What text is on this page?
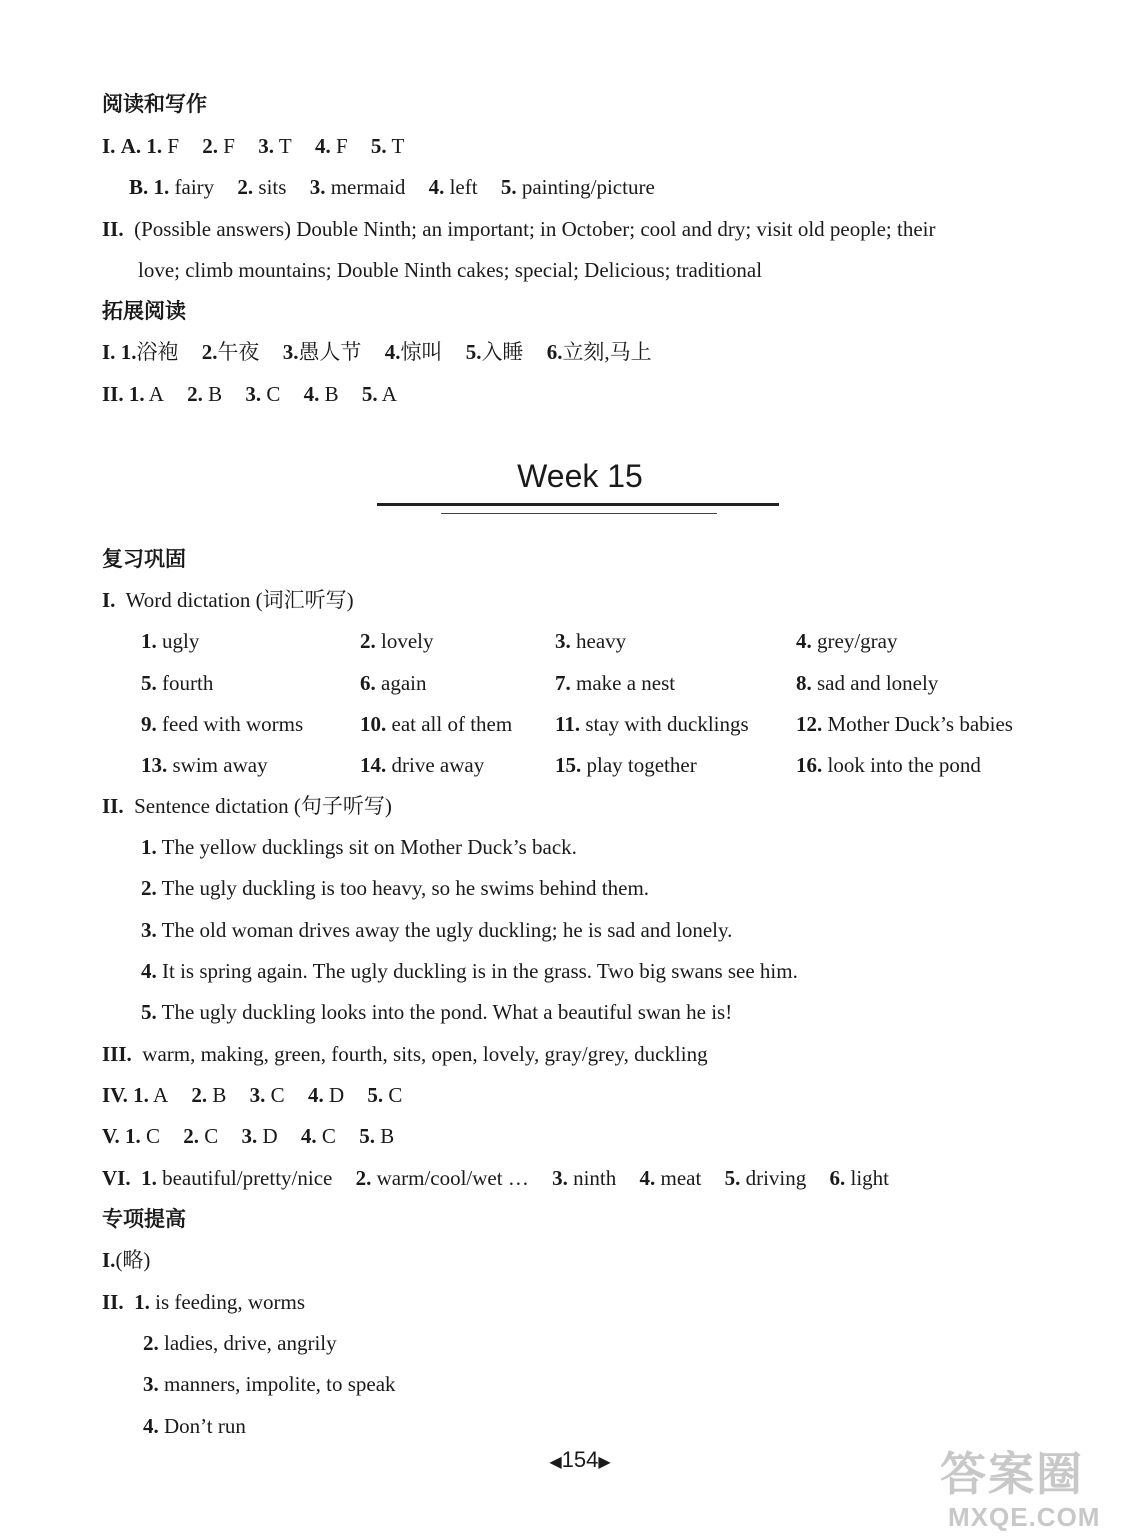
阅读和写作
I. A. 1. F 2. F 3. T 4. F 5. T
B. 1. fairy 2. sits 3. mermaid 4. left 5. painting/picture
II. (Possible answers) Double Ninth; an important; in October; cool and dry; visit old people; their
love; climb mountains; Double Ninth cakes; special; Delicious; traditional
拓展阅读
I. 1.浴袍 2.午夜 3.愚人节 4.惊叫 5.入睡 6.立刻,马上
II. 1. A 2. B 3. C 4. B 5. A
Week 15
复习巩固
I. Word dictation (词汇听写)
1. ugly	2. lovely	3. heavy	4. grey/gray
5. fourth	6. again	7. make a nest	8. sad and lonely
9. feed with worms	10. eat all of them 11. stay with ducklings 12. Mother Duck’s babies
13. swim away	14. drive away	15. play together	16. look into the pond
II. Sentence dictation (句子听写)
1. The yellow ducklings sit on Mother Duck’s back.
2. The ugly duckling is too heavy, so he swims behind them.
3. The old woman drives away the ugly duckling; he is sad and lonely.
4. It is spring again. The ugly duckling is in the grass. Two big swans see him.
5. The ugly duckling looks into the pond. What a beautiful swan he is!
III. warm, making, green, fourth, sits, open, lovely, gray/grey, duckling
IV. 1. A 2. B 3. C 4. D 5. C
V. 1. C 2. C 3. D 4. C 5. B
VI. 1. beautiful/pretty/nice 2. warm/cool/wet … 3. ninth 4. meat 5. driving 6. light
专项提高
I.(略)
II. 1. is feeding, worms
2. ladies, drive, angrily
3. manners, impolite, to speak
4. Don’t run
◀154▶	答案圈
MXQE.COM
